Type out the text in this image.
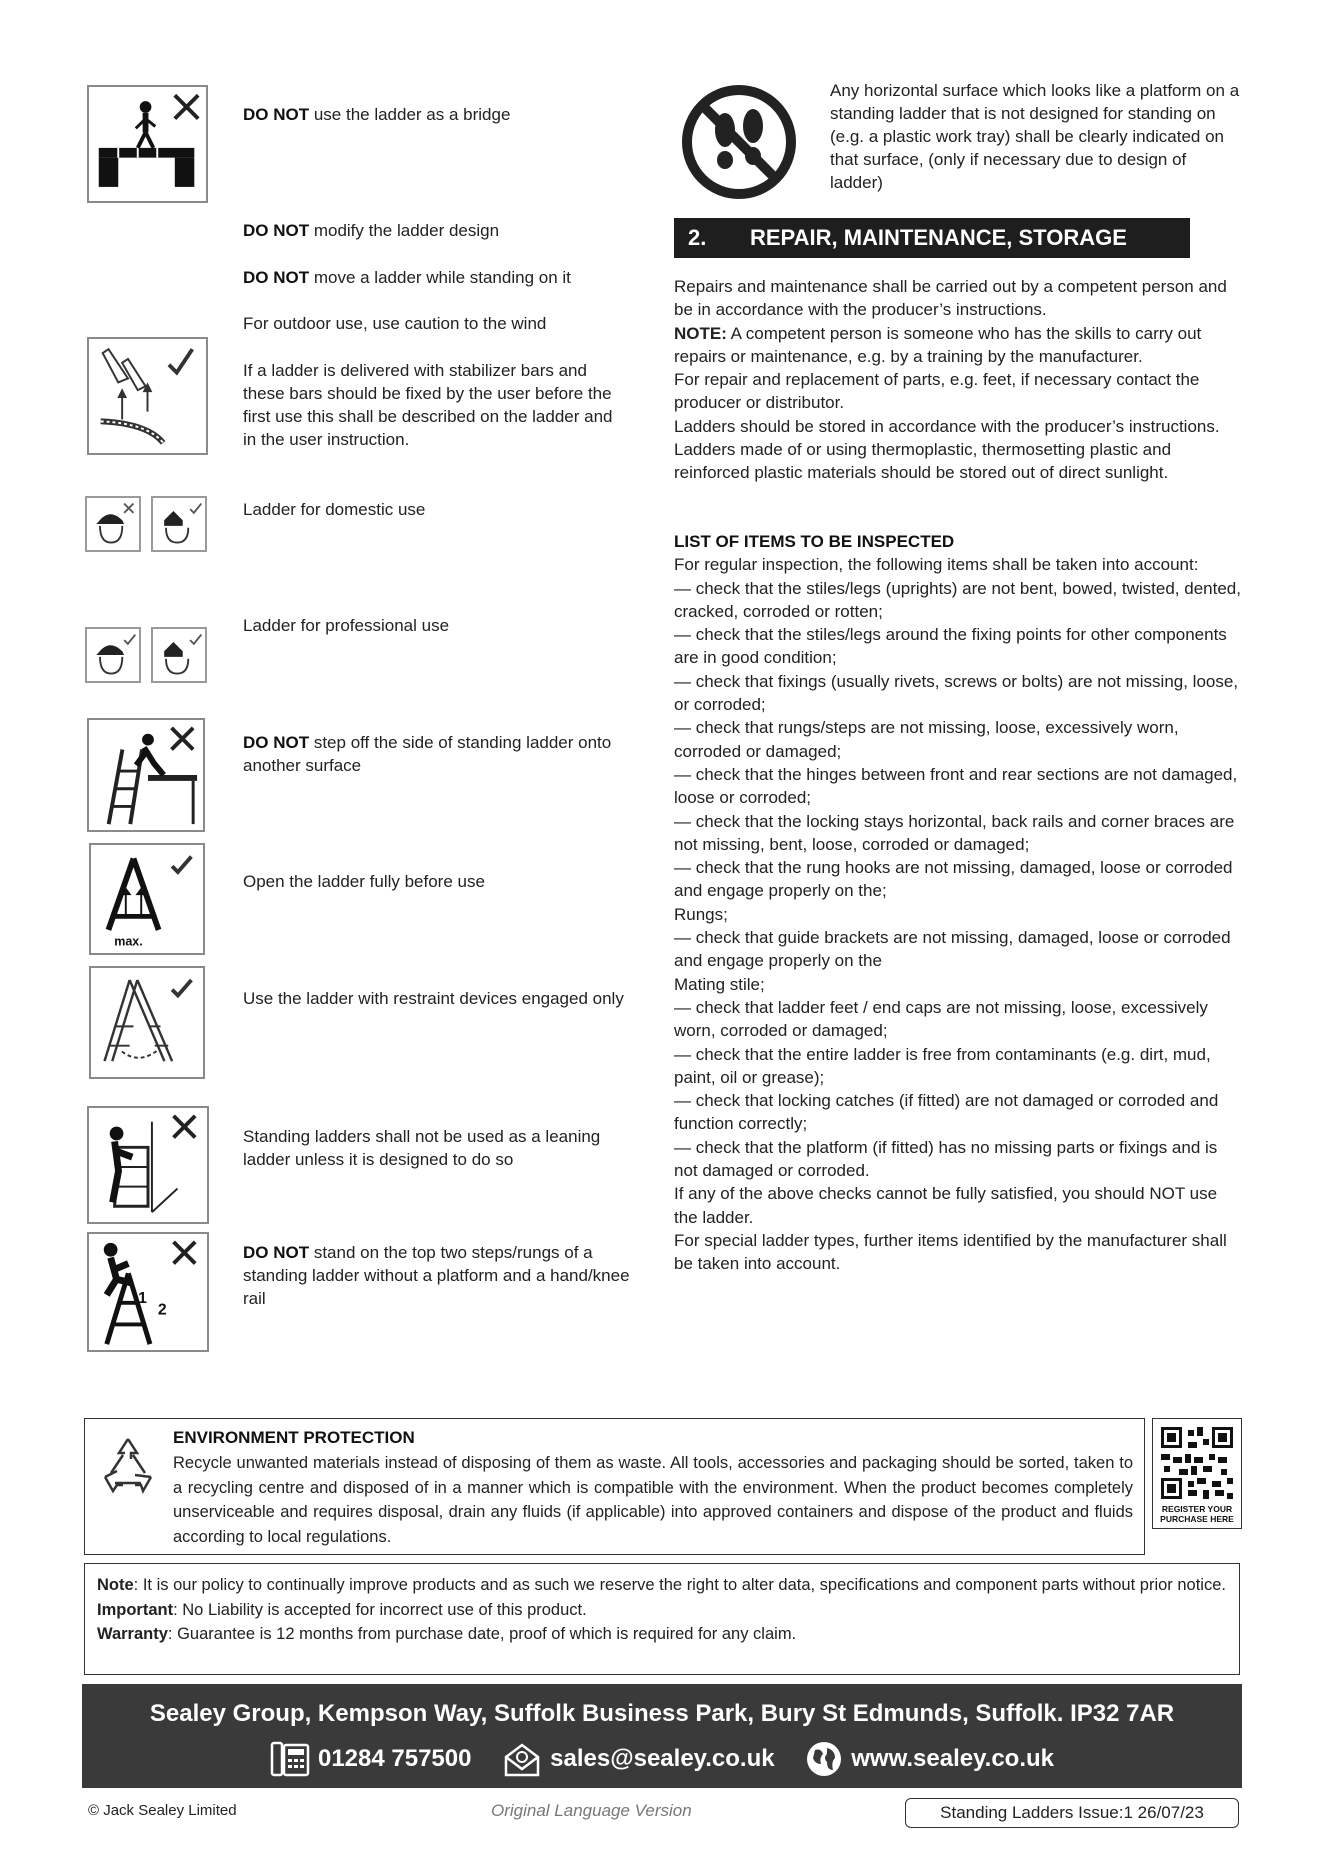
DO NOT use the ladder as a bridge
DO NOT modify the ladder design
DO NOT move a ladder while standing on it
For outdoor use, use caution to the wind
If a ladder is delivered with stabilizer bars and these bars should be fixed by the user before the first use this shall be described on the ladder and in the user instruction.
Ladder for domestic use
Ladder for professional use
DO NOT step off the side of standing ladder onto another surface
max.
Open the ladder fully before use
Use the ladder with restraint devices engaged only
Standing ladders shall not be used as a leaning ladder unless it is designed to do so
1
2
DO NOT stand on the top two steps/rungs of a standing ladder without a platform and a hand/knee rail
Any horizontal surface which looks like a platform on a standing ladder that is not designed for standing on (e.g. a plastic work tray) shall be clearly indicated on that surface, (only if necessary due to design of ladder)
2. REPAIR, MAINTENANCE, STORAGE

Repairs and maintenance shall be carried out by a competent person and be in accordance with the producer’s instructions.

NOTE: A competent person is someone who has the skills to carry out repairs or maintenance, e.g. by a training by the manufacturer.

For repair and replacement of parts, e.g. feet, if necessary contact the producer or distributor.

Ladders should be stored in accordance with the producer’s instructions.

Ladders made of or using thermoplastic, thermosetting plastic and reinforced plastic materials should be stored out of direct sunlight.

LIST OF ITEMS TO BE INSPECTED

For regular inspection, the following items shall be taken into account:

— check that the stiles/legs (uprights) are not bent, bowed, twisted, dented, cracked, corroded or rotten;

— check that the stiles/legs around the fixing points for other components are in good condition;

— check that fixings (usually rivets, screws or bolts) are not missing, loose, or corroded;

— check that rungs/steps are not missing, loose, excessively worn, corroded or damaged;

— check that the hinges between front and rear sections are not damaged, loose or corroded;

— check that the locking stays horizontal, back rails and corner braces are not missing, bent, loose, corroded or damaged;

— check that the rung hooks are not missing, damaged, loose or corroded and engage properly on the;

Rungs;

— check that guide brackets are not missing, damaged, loose or corroded and engage properly on the

Mating stile;

— check that ladder feet / end caps are not missing, loose, excessively worn, corroded or damaged;

— check that the entire ladder is free from contaminants (e.g. dirt, mud, paint, oil or grease);

— check that locking catches (if fitted) are not damaged or corroded and function correctly;

— check that the platform (if fitted) has no missing parts or fixings and is not damaged or corroded.

If any of the above checks cannot be fully satisfied, you should NOT use the ladder.

For special ladder types, further items identified by the manufacturer shall be taken into account.

ENVIRONMENT PROTECTION
Recycle unwanted materials instead of disposing of them as waste. All tools, accessories and packaging should be sorted, taken to a recycling centre and disposed of in a manner which is compatible with the environment. When the product becomes completely unserviceable and requires disposal, drain any fluids (if applicable) into approved containers and dispose of the product and fluids according to local regulations.
REGISTER YOUR
PURCHASE HERE
Note: It is our policy to continually improve products and as such we reserve the right to alter data, specifications and component parts without prior notice.
Important: No Liability is accepted for incorrect use of this product.
Warranty: Guarantee is 12 months from purchase date, proof of which is required for any claim.
Sealey Group, Kempson Way, Suffolk Business Park, Bury St Edmunds, Suffolk. IP32 7AR
01284 757500
	sales@sealey.co.uk
	www.sealey.co.uk
© Jack Sealey Limited	Original Language Version	Standing Ladders Issue:1 26/07/23
